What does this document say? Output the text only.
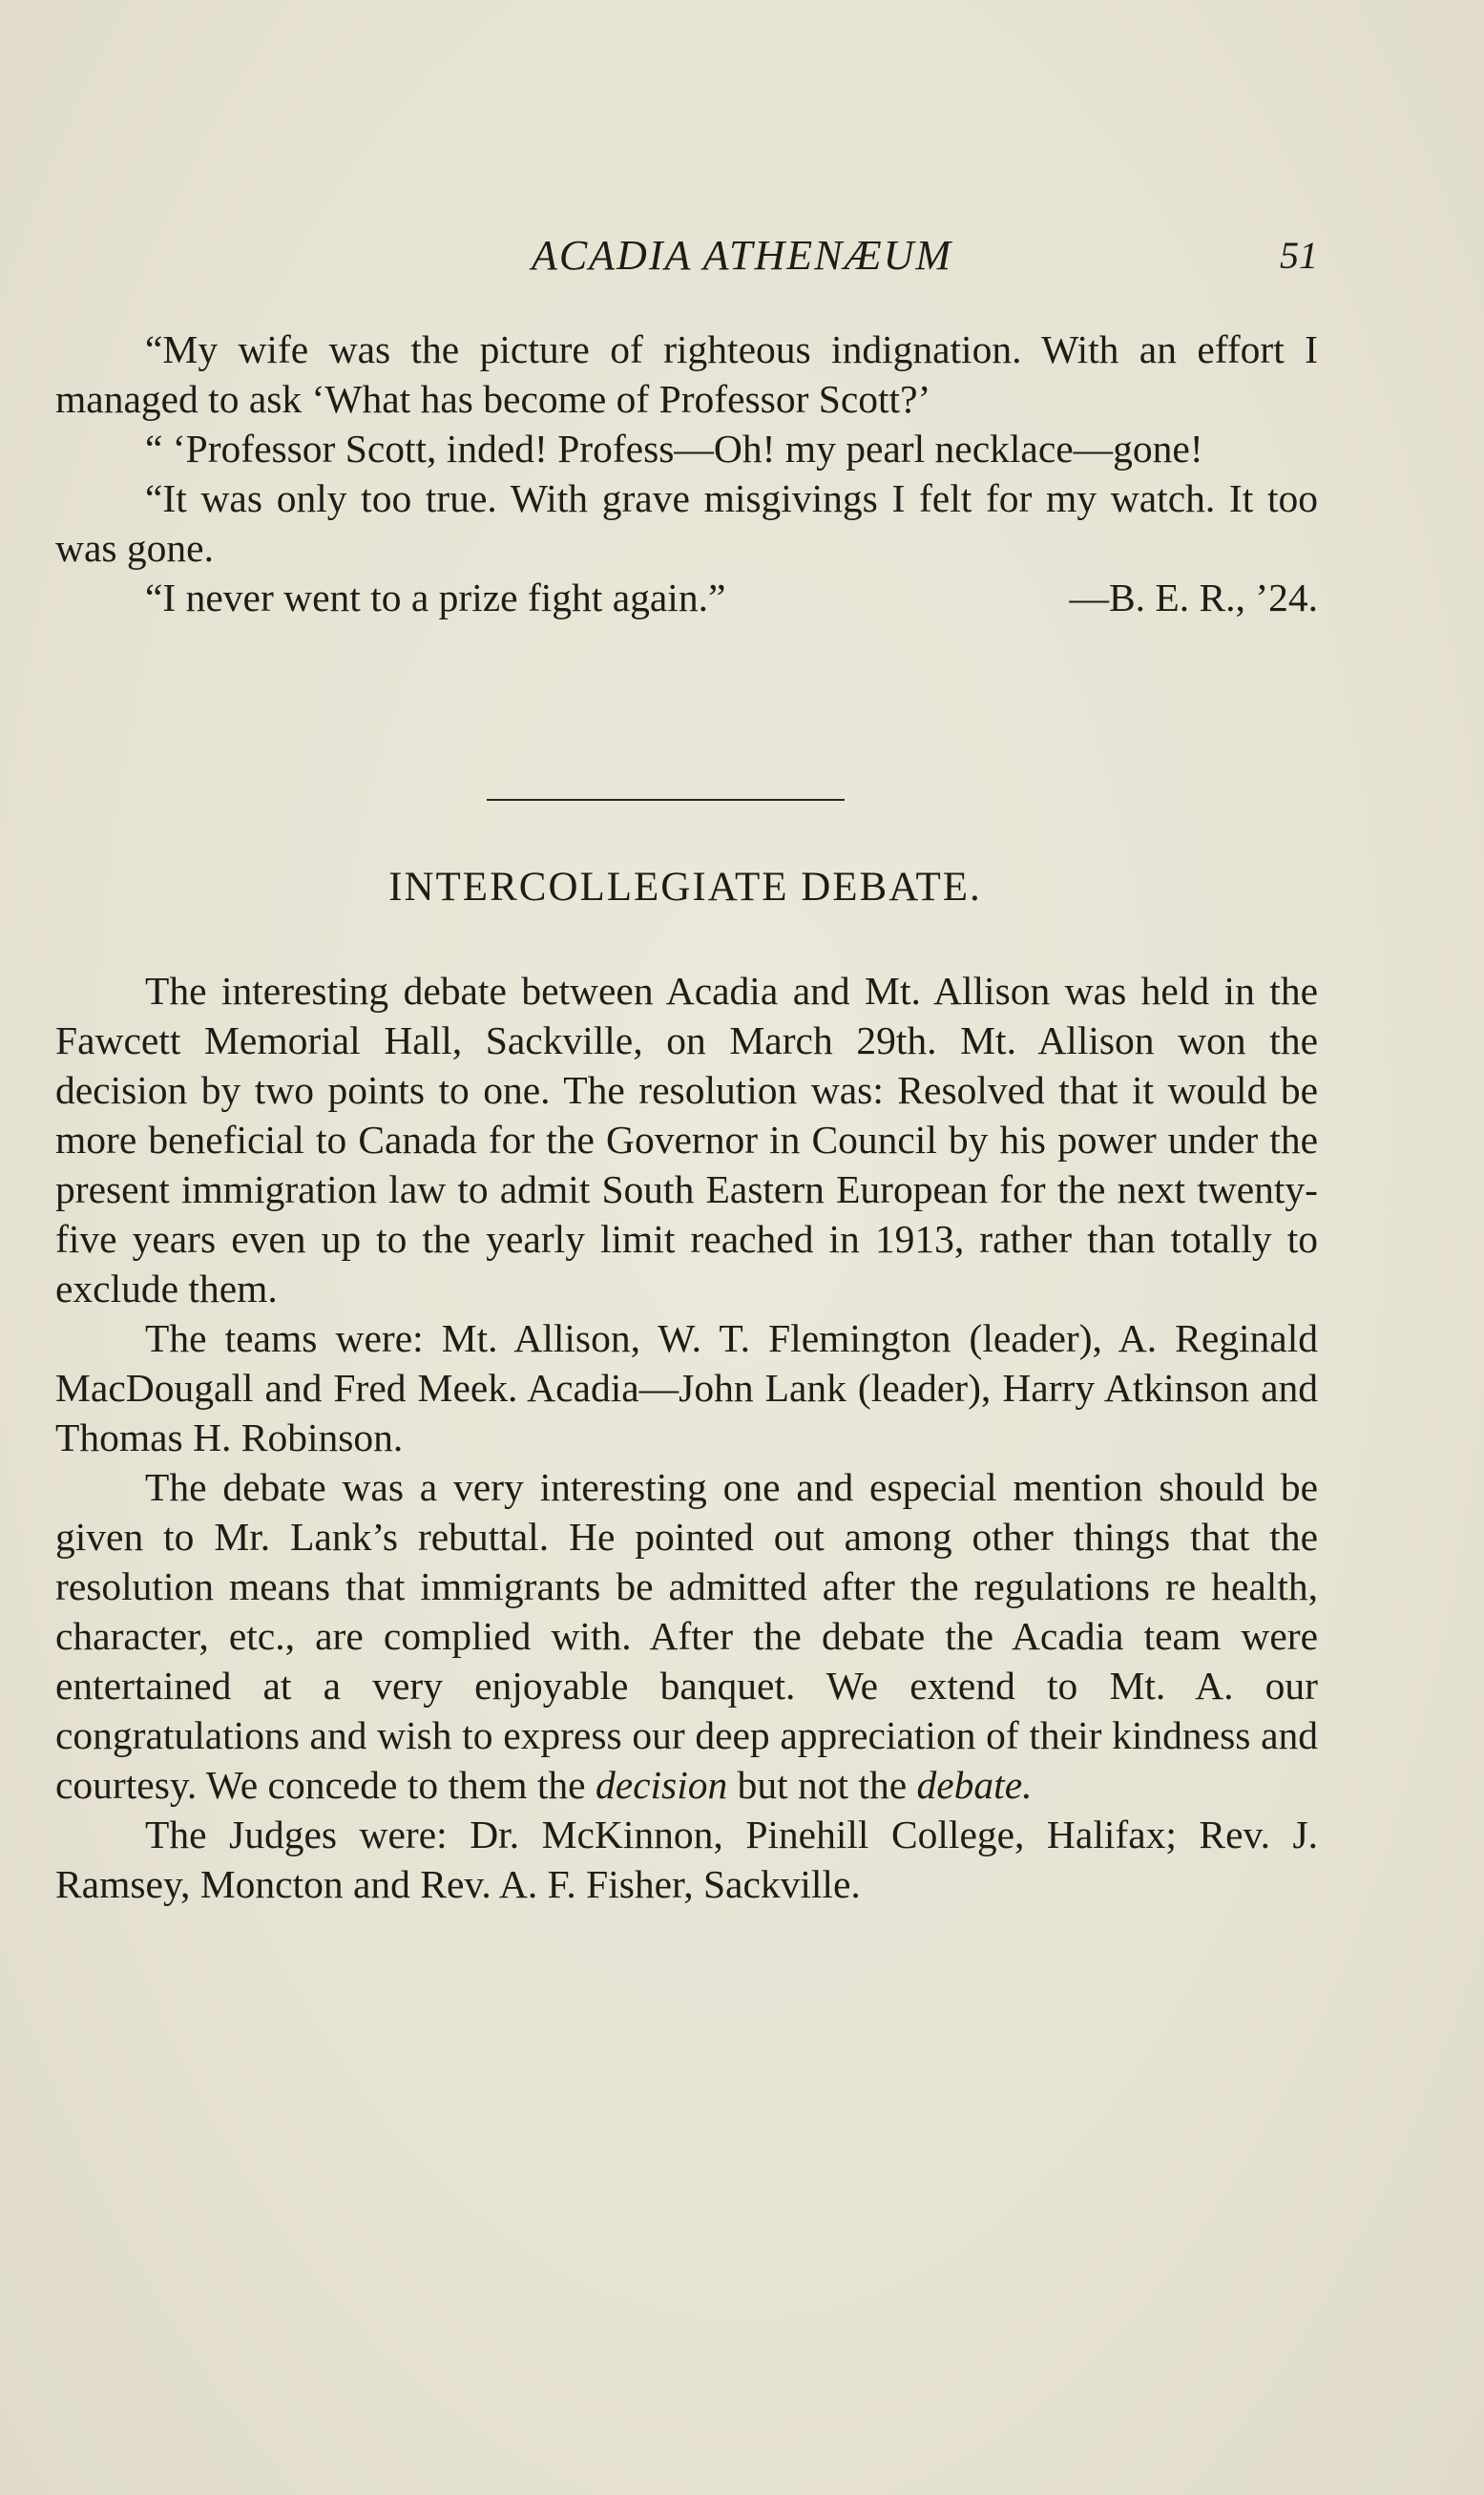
ACADIA ATHENÆUM	51

“My wife was the picture of righteous indignation. With an effort I managed to ask ‘What has become of Professor Scott?’

“ ‘Professor Scott, inded! Profess—Oh! my pearl necklace—gone!

“It was only too true. With grave misgivings I felt for my watch. It too was gone.

“I never went to a prize fight again.”	—B. E. R., ’24.

INTERCOLLEGIATE DEBATE.

The interesting debate between Acadia and Mt. Allison was held in the Fawcett Memorial Hall, Sackville, on March 29th. Mt. Allison won the decision by two points to one. The resolution was: Resolved that it would be more beneficial to Canada for the Governor in Council by his power under the present immigration law to admit South Eastern European for the next twenty-five years even up to the yearly limit reached in 1913, rather than totally to exclude them.

The teams were: Mt. Allison, W. T. Flemington (leader), A. Reginald MacDougall and Fred Meek. Acadia—John Lank (leader), Harry Atkinson and Thomas H. Robinson.

The debate was a very interesting one and especial mention should be given to Mr. Lank’s rebuttal. He pointed out among other things that the resolution means that immigrants be admitted after the regulations re health, character, etc., are complied with. After the debate the Acadia team were entertained at a very enjoyable banquet. We extend to Mt. A. our congratulations and wish to express our deep appreciation of their kindness and courtesy. We concede to them the decision but not the debate.

The Judges were: Dr. McKinnon, Pinehill College, Halifax; Rev. J. Ramsey, Moncton and Rev. A. F. Fisher, Sackville.
